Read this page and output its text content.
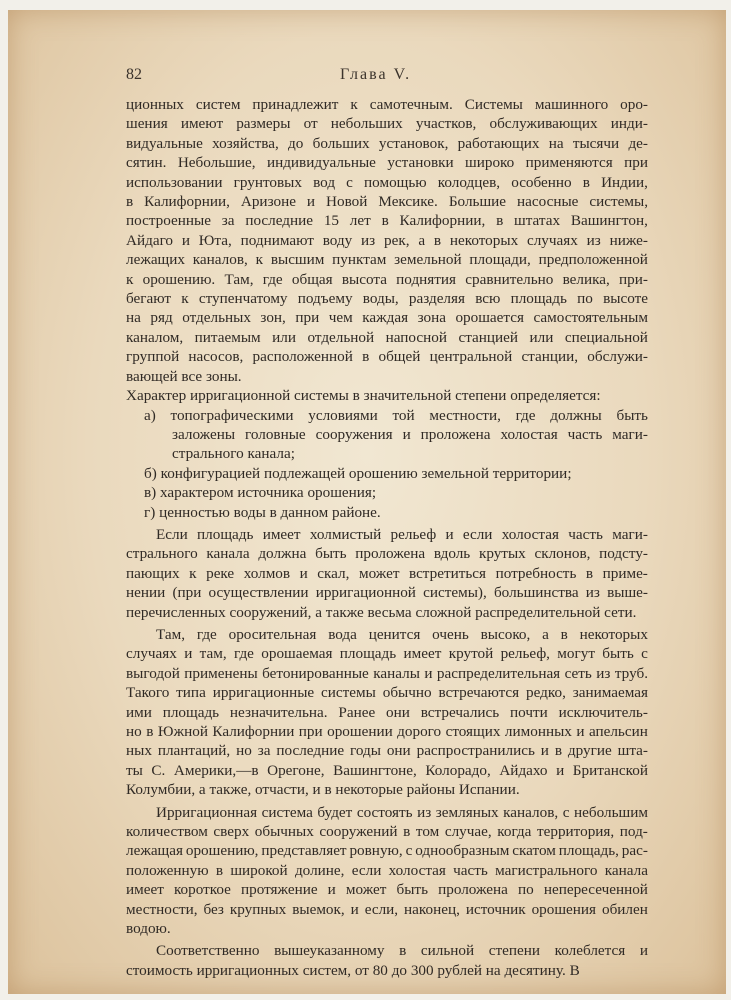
82	Глава V.
ционных систем принадлежит к самотечным. Системы машинного оро-
шения имеют размеры от небольших участков, обслуживающих инди-
видуальные хозяйства, до больших установок, работающих на тысячи де-
сятин. Небольшие, индивидуальные установки широко применяются при
использовании грунтовых вод с помощью колодцев, особенно в Индии,
в Калифорнии, Аризоне и Новой Мексике. Большие насосные системы,
построенные за последние 15 лет в Калифорнии, в штатах Вашингтон,
Айдаго и Юта, поднимают воду из рек, а в некоторых случаях из ниже-
лежащих каналов, к высшим пунктам земельной площади, предположенной
к орошению. Там, где общая высота поднятия сравнительно велика, при-
бегают к ступенчатому подъему воды, разделяя всю площадь по высоте
на ряд отдельных зон, при чем каждая зона орошается самостоятельным
каналом, питаемым или отдельной напосной станцией или специальной
группой насосов, расположенной в общей центральной станции, обслужи-
вающей все зоны.
Характер ирригационной системы в значительной степени определяется:
а) топографическими условиями той местности, где должны быть
заложены головные сооружения и проложена холостая часть маги-
стрального канала;
б) конфигурацией подлежащей орошению земельной территории;
в) характером источника орошения;
г) ценностью воды в данном районе.
Если площадь имеет холмистый рельеф и если холостая часть маги-
стрального канала должна быть проложена вдоль крутых склонов, подсту-
пающих к реке холмов и скал, может встретиться потребность в приме-
нении (при осуществлении ирригационной системы), большинства из выше-
перечисленных сооружений, а также весьма сложной распределительной сети.
Там, где оросительная вода ценится очень высоко, а в некоторых
случаях и там, где орошаемая площадь имеет крутой рельеф, могут быть с
выгодой применены бетонированные каналы и распределительная сеть из труб.
Такого типа ирригационные системы обычно встречаются редко, занимаемая
ими площадь незначительна. Ранее они встречались почти исключитель-
но в Южной Калифорнии при орошении дорого стоящих лимонных и апельсин
ных плантаций, но за последние годы они распространились и в другие шта-
ты С. Америки,—в Орегоне, Вашингтоне, Колорадо, Айдахо и Британской
Колумбии, а также, отчасти, и в некоторые районы Испании.
Ирригационная система будет состоять из земляных каналов, с небольшим
количеством сверх обычных сооружений в том случае, когда территория, под-
лежащая орошению, представляет ровную, с однообразным скатом площадь, рас-
положенную в широкой долине, если холостая часть магистрального канала
имеет короткое протяжение и может быть проложена по непересеченной
местности, без крупных выемок, и если, наконец, источник орошения обилен
водою.
Соответственно вышеуказанному в сильной степени колеблется и
стоимость ирригационных систем, от 80 до 300 рублей на десятину. В
